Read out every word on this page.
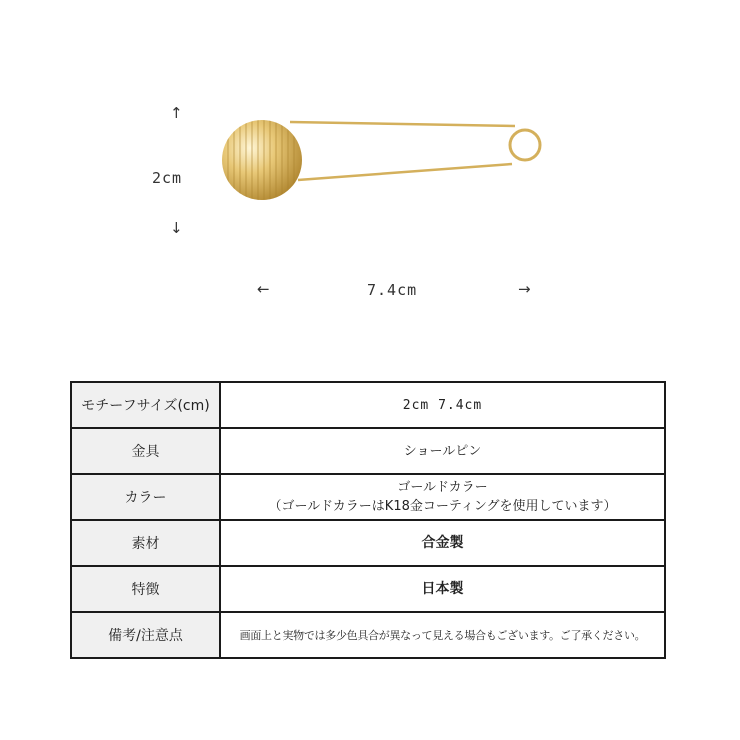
↑
2cm
↓
←	7.4cm	→
モチーフサイズ(cm)	2cm 7.4cm
金具	ショールピン
カラー	ゴールドカラー
（ゴールドカラーはK18金コーティングを使用しています）

素材	合金製
特徴	日本製
備考/注意点	画面上と実物では多少色具合が異なって見える場合もございます。ご了承ください。
